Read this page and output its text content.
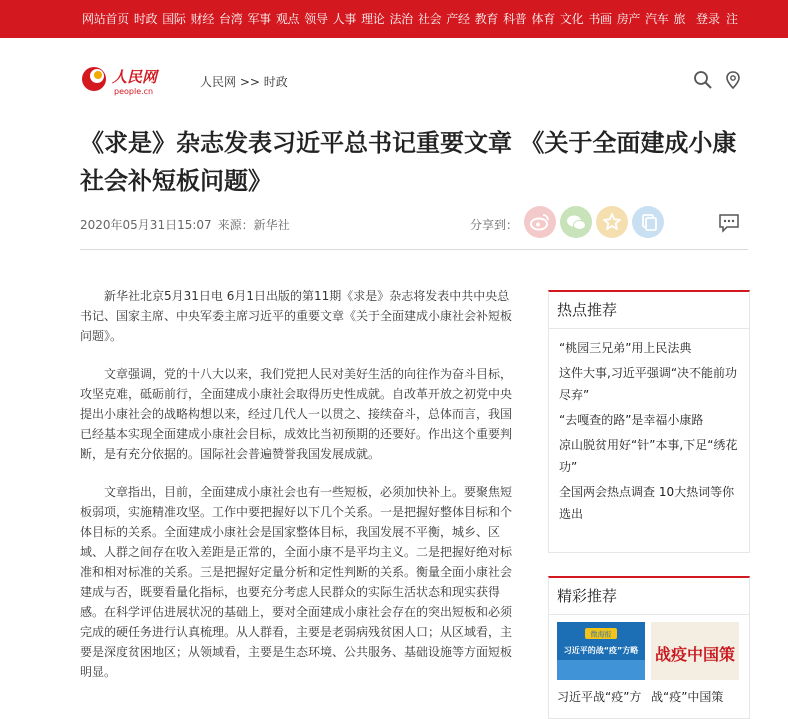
网站首页 时政 国际 财经 台湾 军事 观点 领导 人事 理论 法治 社会 产经 教育 科普 体育 文化 书画 房产 汽车 旅 登录 注
人民网
people.cn
人民网 >> 时政
《求是》杂志发表习近平总书记重要文章 《关于全面建成小康社会补短板问题》
2020年05月31日15:07 来源：新华社	分享到：

新华社北京5月31日电 6月1日出版的第11期《求是》杂志将发表中共中央总书记、国家主席、中央军委主席习近平的重要文章《关于全面建成小康社会补短板问题》。

文章强调，党的十八大以来，我们党把人民对美好生活的向往作为奋斗目标，攻坚克难，砥砺前行，全面建成小康社会取得历史性成就。自改革开放之初党中央提出小康社会的战略构想以来，经过几代人一以贯之、接续奋斗，总体而言，我国已经基本实现全面建成小康社会目标，成效比当初预期的还要好。作出这个重要判断，是有充分依据的。国际社会普遍赞誉我国发展成就。

文章指出，目前，全面建成小康社会也有一些短板，必须加快补上。要聚焦短板弱项，实施精准攻坚。工作中要把握好以下几个关系。一是把握好整体目标和个体目标的关系。全面建成小康社会是国家整体目标，我国发展不平衡，城乡、区域、人群之间存在收入差距是正常的，全面小康不是平均主义。二是把握好绝对标准和相对标准的关系。三是把握好定量分析和定性判断的关系。衡量全面小康社会建成与否，既要看量化指标，也要充分考虑人民群众的实际生活状态和现实获得感。在科学评估进展状况的基础上，要对全面建成小康社会存在的突出短板和必须完成的硬任务进行认真梳理。从人群看，主要是老弱病残贫困人口；从区域看，主要是深度贫困地区；从领域看，主要是生态环境、公共服务、基础设施等方面短板明显。

热点推荐
“桃园三兄弟”用上民法典
这件大事,习近平强调“决不能前功尽弃”
“去嘎查的路”是幸福小康路
凉山脱贫用好“针”本事,下足“绣花功”
全国两会热点调查 10大热词等你选出
精彩推荐
微海报
习近平的战“疫”方略 战疫中国策
习近平战“疫”方 战“疫”中国策
